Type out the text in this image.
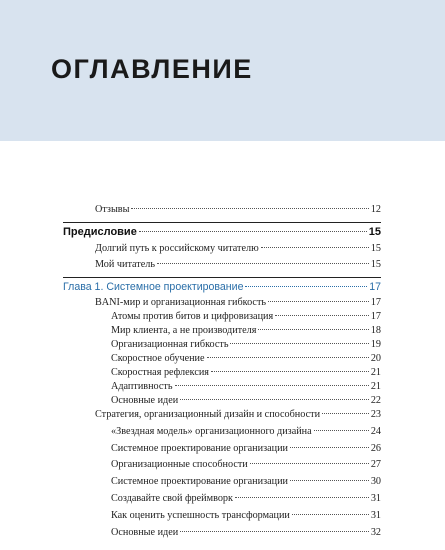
ОГЛАВЛЕНИЕ
Отзывы	12
Предисловие	15
Долгий путь к российскому читателю	15
Мой читатель	15
Глава 1. Системное проектирование	17
BANI-мир и организационная гибкость	17
Атомы против битов и цифровизация	17
Мир клиента, а не производителя	18
Организационная гибкость	19
Скоростное обучение	20
Скоростная рефлексия	21
Адаптивность	21
Основные идеи	22
Стратегия, организационный дизайн и способности	23
«Звездная модель» организационного дизайна	24
Системное проектирование организации	26
Организационные способности	27
Системное проектирование организации	30
Создавайте свой фреймворк	31
Как оценить успешность трансформации	31
Основные идеи	32
